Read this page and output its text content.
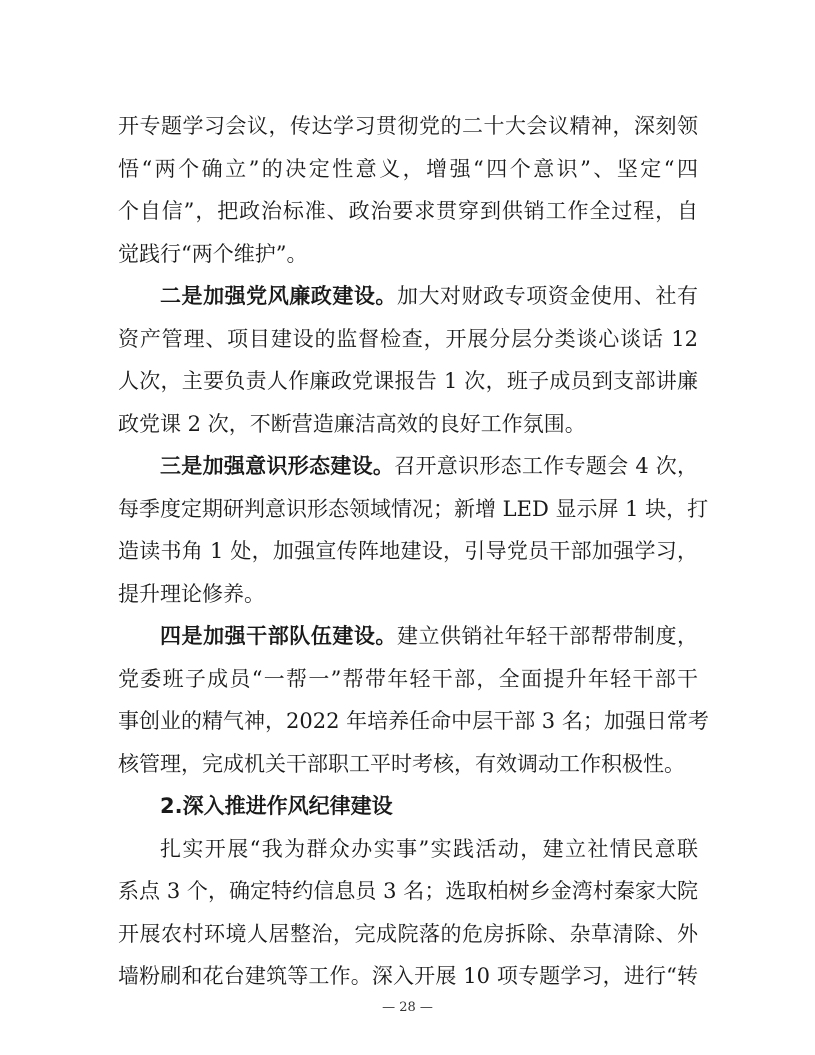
开专题学习会议，传达学习贯彻党的二十大会议精神，深刻领
悟“两个确立”的决定性意义，增强“四个意识”、坚定“四
个自信”，把政治标准、政治要求贯穿到供销工作全过程，自
觉践行“两个维护”。
二是加强党风廉政建设。加大对财政专项资金使用、社有
资产管理、项目建设的监督检查，开展分层分类谈心谈话 12
人次，主要负责人作廉政党课报告 1 次，班子成员到支部讲廉
政党课 2 次，不断营造廉洁高效的良好工作氛围。
三是加强意识形态建设。召开意识形态工作专题会 4 次，
每季度定期研判意识形态领域情况；新增 LED 显示屏 1 块，打
造读书角 1 处，加强宣传阵地建设，引导党员干部加强学习，
提升理论修养。
四是加强干部队伍建设。建立供销社年轻干部帮带制度，
党委班子成员“一帮一”帮带年轻干部，全面提升年轻干部干
事创业的精气神，2022 年培养任命中层干部 3 名；加强日常考
核管理，完成机关干部职工平时考核，有效调动工作积极性。
2.深入推进作风纪律建设
扎实开展“我为群众办实事”实践活动，建立社情民意联
系点 3 个，确定特约信息员 3 名；选取柏树乡金湾村秦家大院
开展农村环境人居整治，完成院落的危房拆除、杂草清除、外
— 28 —
墙粉刷和花台建筑等工作。深入开展 10 项专题学习，进行“转
